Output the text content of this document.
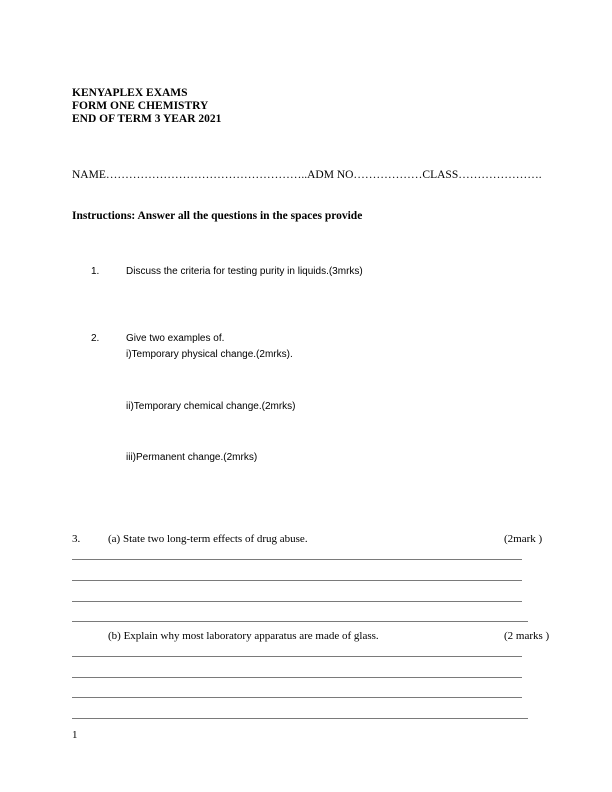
KENYAPLEX EXAMS
FORM ONE CHEMISTRY
END OF TERM 3 YEAR 2021
NAME……………………………………………..ADM NO………………CLASS………………….
Instructions: Answer all the questions in the spaces provide
1.	Discuss the criteria for testing purity in liquids.(3mrks)
2.	Give two examples of.
i)Temporary physical change.(2mrks).
ii)Temporary chemical change.(2mrks)
iii)Permanent change.(2mrks)
3.	(a) State two long-term effects of drug abuse.	(2mark )
(b) Explain why most laboratory apparatus are made of glass.	(2 marks )
1
